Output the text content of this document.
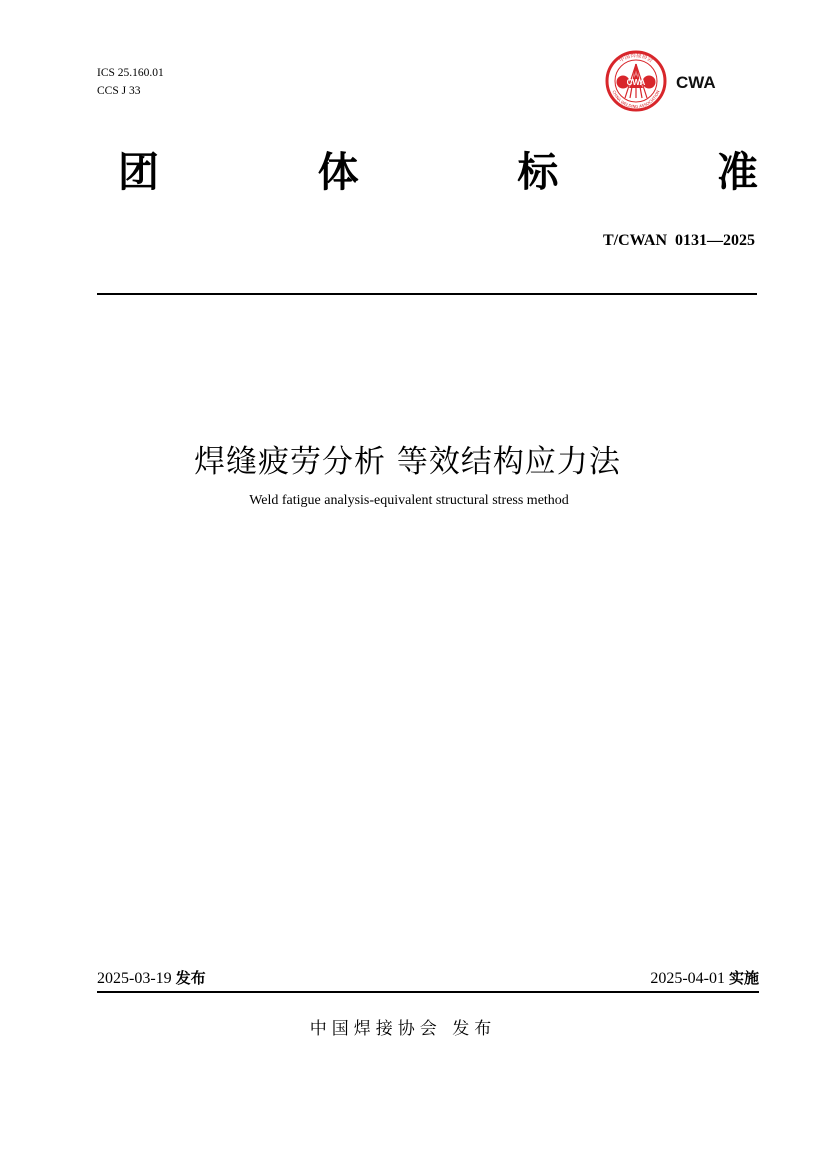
ICS 25.160.01
CCS J 33
中国焊接协会
CHINA WELDING ASSOCIATION
CWA CWA
团	体	标	准
T/CWAN  0131—2025
焊缝疲劳分析 等效结构应力法
Weld fatigue analysis-equivalent structural stress method
2025-03-19 发布	2025-04-01 实施
中国焊接协会 发布
